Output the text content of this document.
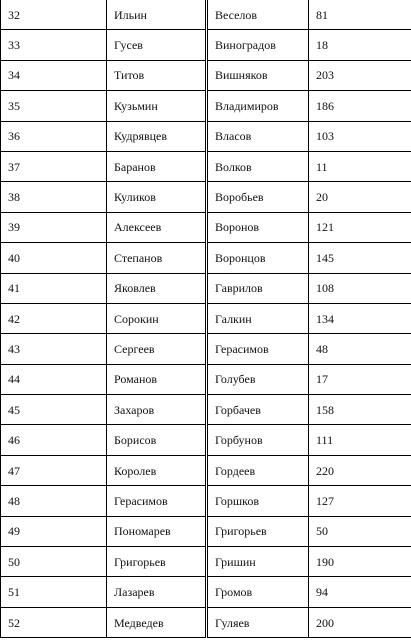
32	Ильин	Веселов	81
33	Гусев	Виноградов	18
34	Титов	Вишняков	203
35	Кузьмин	Владимиров	186
36	Кудрявцев	Власов	103
37	Баранов	Волков	11
38	Куликов	Воробьев	20
39	Алексеев	Воронов	121
40	Степанов	Воронцов	145
41	Яковлев	Гаврилов	108
42	Сорокин	Галкин	134
43	Сергеев	Герасимов	48
44	Романов	Голубев	17
45	Захаров	Горбачев	158
46	Борисов	Горбунов	111
47	Королев	Гордеев	220
48	Герасимов	Горшков	127
49	Пономарев	Григорьев	50
50	Григорьев	Гришин	190
51	Лазарев	Громов	94
52	Медведев	Гуляев	200
